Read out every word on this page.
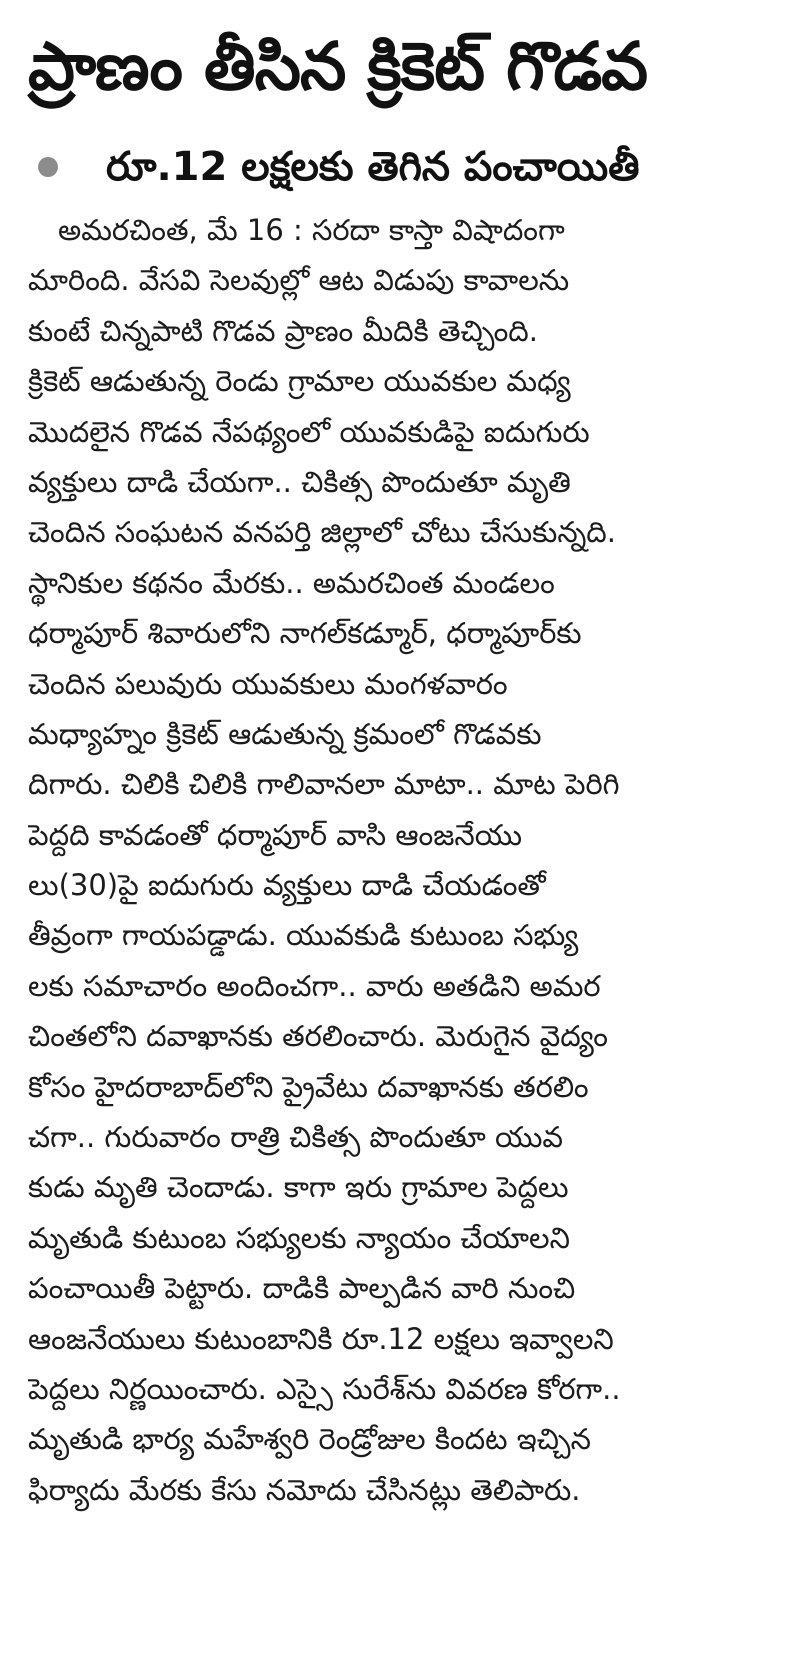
ప్రాణం తీసిన క్రికెట్ గొడవ
రూ.12 లక్షలకు తెగిన పంచాయితీ
అమరచింత, మే 16 : సరదా కాస్తా విషాదంగా
మారింది. వేసవి సెలవుల్లో ఆట విడుపు కావాలను
కుంటే చిన్నపాటి గొడవ ప్రాణం మీదికి తెచ్చింది.
క్రికెట్ ఆడుతున్న రెండు గ్రామాల యువకుల మధ్య
మొదలైన గొడవ నేపథ్యంలో యువకుడిపై ఐదుగురు
వ్యక్తులు దాడి చేయగా.. చికిత్స పొందుతూ మృతి
చెందిన సంఘటన వనపర్తి జిల్లాలో చోటు చేసుకున్నది.
స్థానికుల కథనం మేరకు.. అమరచింత మండలం
ధర్మాపూర్ శివారులోని నాగల్‌కడ్మూర్, ధర్మాపూర్‌కు
చెందిన పలువురు యువకులు మంగళవారం
మధ్యాహ్నం క్రికెట్ ఆడుతున్న క్రమంలో గొడవకు
దిగారు. చిలికి చిలికి గాలివానలా మాటా.. మాట పెరిగి
పెద్దది కావడంతో ధర్మాపూర్ వాసి ఆంజనేయు
లు(30)పై ఐదుగురు వ్యక్తులు దాడి చేయడంతో
తీవ్రంగా గాయపడ్డాడు. యువకుడి కుటుంబ సభ్యు
లకు సమాచారం అందించగా.. వారు అతడిని అమర
చింతలోని దవాఖానకు తరలించారు. మెరుగైన వైద్యం
కోసం హైదరాబాద్‌లోని ప్రైవేటు దవాఖానకు తరలిం
చగా.. గురువారం రాత్రి చికిత్స పొందుతూ యువ
కుడు మృతి చెందాడు. కాగా ఇరు గ్రామాల పెద్దలు
మృతుడి కుటుంబ సభ్యులకు న్యాయం చేయాలని
పంచాయితీ పెట్టారు. దాడికి పాల్పడిన వారి నుంచి
ఆంజనేయులు కుటుంబానికి రూ.12 లక్షలు ఇవ్వాలని
పెద్దలు నిర్ణయించారు. ఎస్సై సురేశ్‌ను వివరణ కోరగా..
మృతుడి భార్య మహేశ్వరి రెండ్రోజుల కిందట ఇచ్చిన
ఫిర్యాదు మేరకు కేసు నమోదు చేసినట్లు తెలిపారు.
